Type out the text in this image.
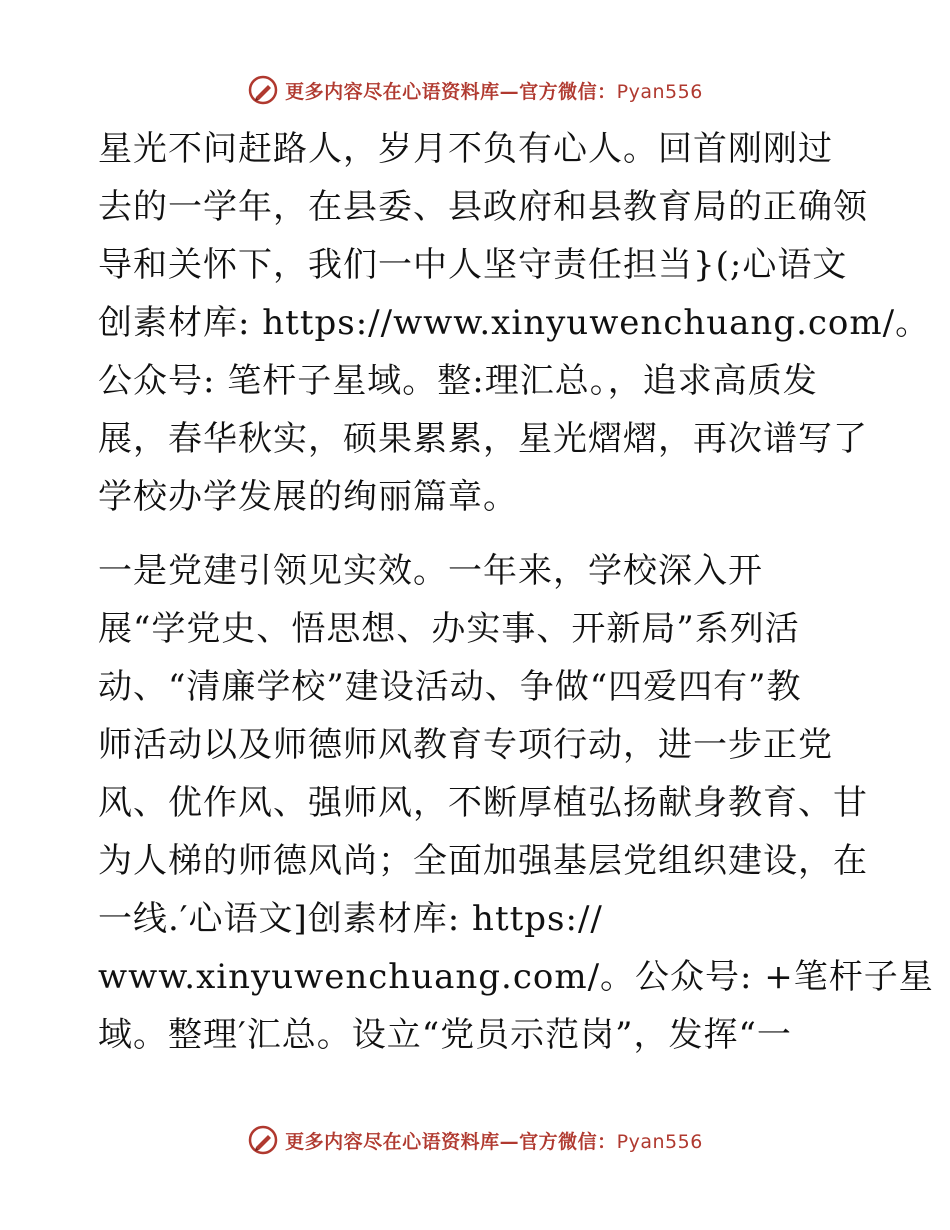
更多内容尽在心语资料库—官方微信：Pyan556
星光不问赶路人，岁月不负有心人。回首刚刚过
去的一学年，在县委、县政府和县教育局的正确领
导和关怀下，我们一中人坚守责任担当}(;心语文
创素材库: https://www.xinyuwenchuang.com/。
公众号: 笔杆子星域。整:理汇总。，追求高质发
展，春华秋实，硕果累累，星光熠熠，再次谱写了
学校办学发展的绚丽篇章。
一是党建引领见实效。一年来，学校深入开
展“学党史、悟思想、办实事、开新局”系列活
动、“清廉学校”建设活动、争做“四爱四有”教
师活动以及师德师风教育专项行动，进一步正党
风、优作风、强师风，不断厚植弘扬献身教育、甘
为人梯的师德风尚；全面加强基层党组织建设，在
一线.′心语文]创素材库: https://
www.xinyuwenchuang.com/。公众号: +笔杆子星
域。整理′汇总。设立“党员示范岗”，发挥“一
更多内容尽在心语资料库—官方微信：Pyan556
